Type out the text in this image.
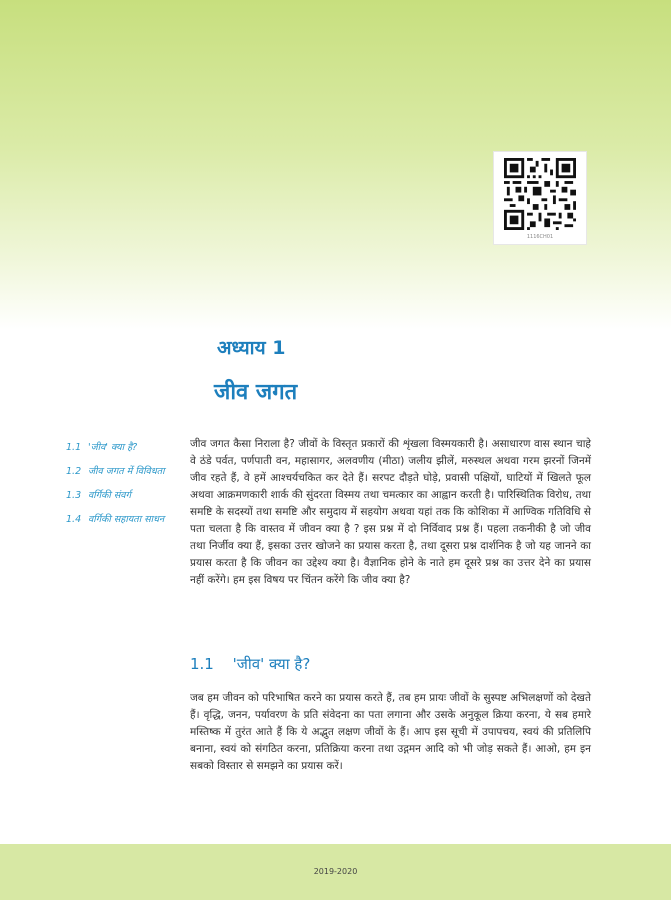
1116CH01
अध्याय 1
जीव जगत
1.1 'जीव' क्या है?
1.2 जीव जगत में विविधता
1.3 वर्गिकी संवर्ग
1.4 वर्गिकी सहायता साधन

जीव जगत कैसा निराला है? जीवों के विस्तृत प्रकारों की शृंखला विस्मयकारी है। असाधारण वास स्थान चाहे वे ठंडे पर्वत, पर्णपाती वन, महासागर, अलवणीय (मीठा) जलीय झीलें, मरुस्थल अथवा गरम झरनों जिनमें जीव रहते हैं, वे हमें आश्चर्यचकित कर देते हैं। सरपट दौड़ते घोड़े, प्रवासी पक्षियों, घाटियों में खिलते फूल अथवा आक्रमणकारी शार्क की सुंदरता विस्मय तथा चमत्कार का आह्वान करती है। पारिस्थितिक विरोध, तथा समष्टि के सदस्यों तथा समष्टि और समुदाय में सहयोग अथवा यहां तक कि कोशिका में आण्विक गतिविधि से पता चलता है कि वास्तव में जीवन क्या है ? इस प्रश्न में दो निर्विवाद प्रश्न हैं। पहला तकनीकी है जो जीव तथा निर्जीव क्या हैं, इसका उत्तर खोजने का प्रयास करता है, तथा दूसरा प्रश्न दार्शनिक है जो यह जानने का प्रयास करता है कि जीवन का उद्देश्य क्या है। वैज्ञानिक होने के नाते हम दूसरे प्रश्न का उत्तर देने का प्रयास नहीं करेंगे। हम इस विषय पर चिंतन करेंगे कि जीव क्या है?

1.1 'जीव' क्या है?

जब हम जीवन को परिभाषित करने का प्रयास करते हैं, तब हम प्रायः जीवों के सुस्पष्ट अभिलक्षणों को देखते हैं। वृद्धि, जनन, पर्यावरण के प्रति संवेदना का पता लगाना और उसके अनुकूल क्रिया करना, ये सब हमारे मस्तिष्क में तुरंत आते हैं कि ये अद्भुत लक्षण जीवों के हैं। आप इस सूची में उपापचय, स्वयं की प्रतिलिपि बनाना, स्वयं को संगठित करना, प्रतिक्रिया करना तथा उद्गमन आदि को भी जोड़ सकते हैं। आओ, हम इन सबको विस्तार से समझने का प्रयास करें।

2019-2020
